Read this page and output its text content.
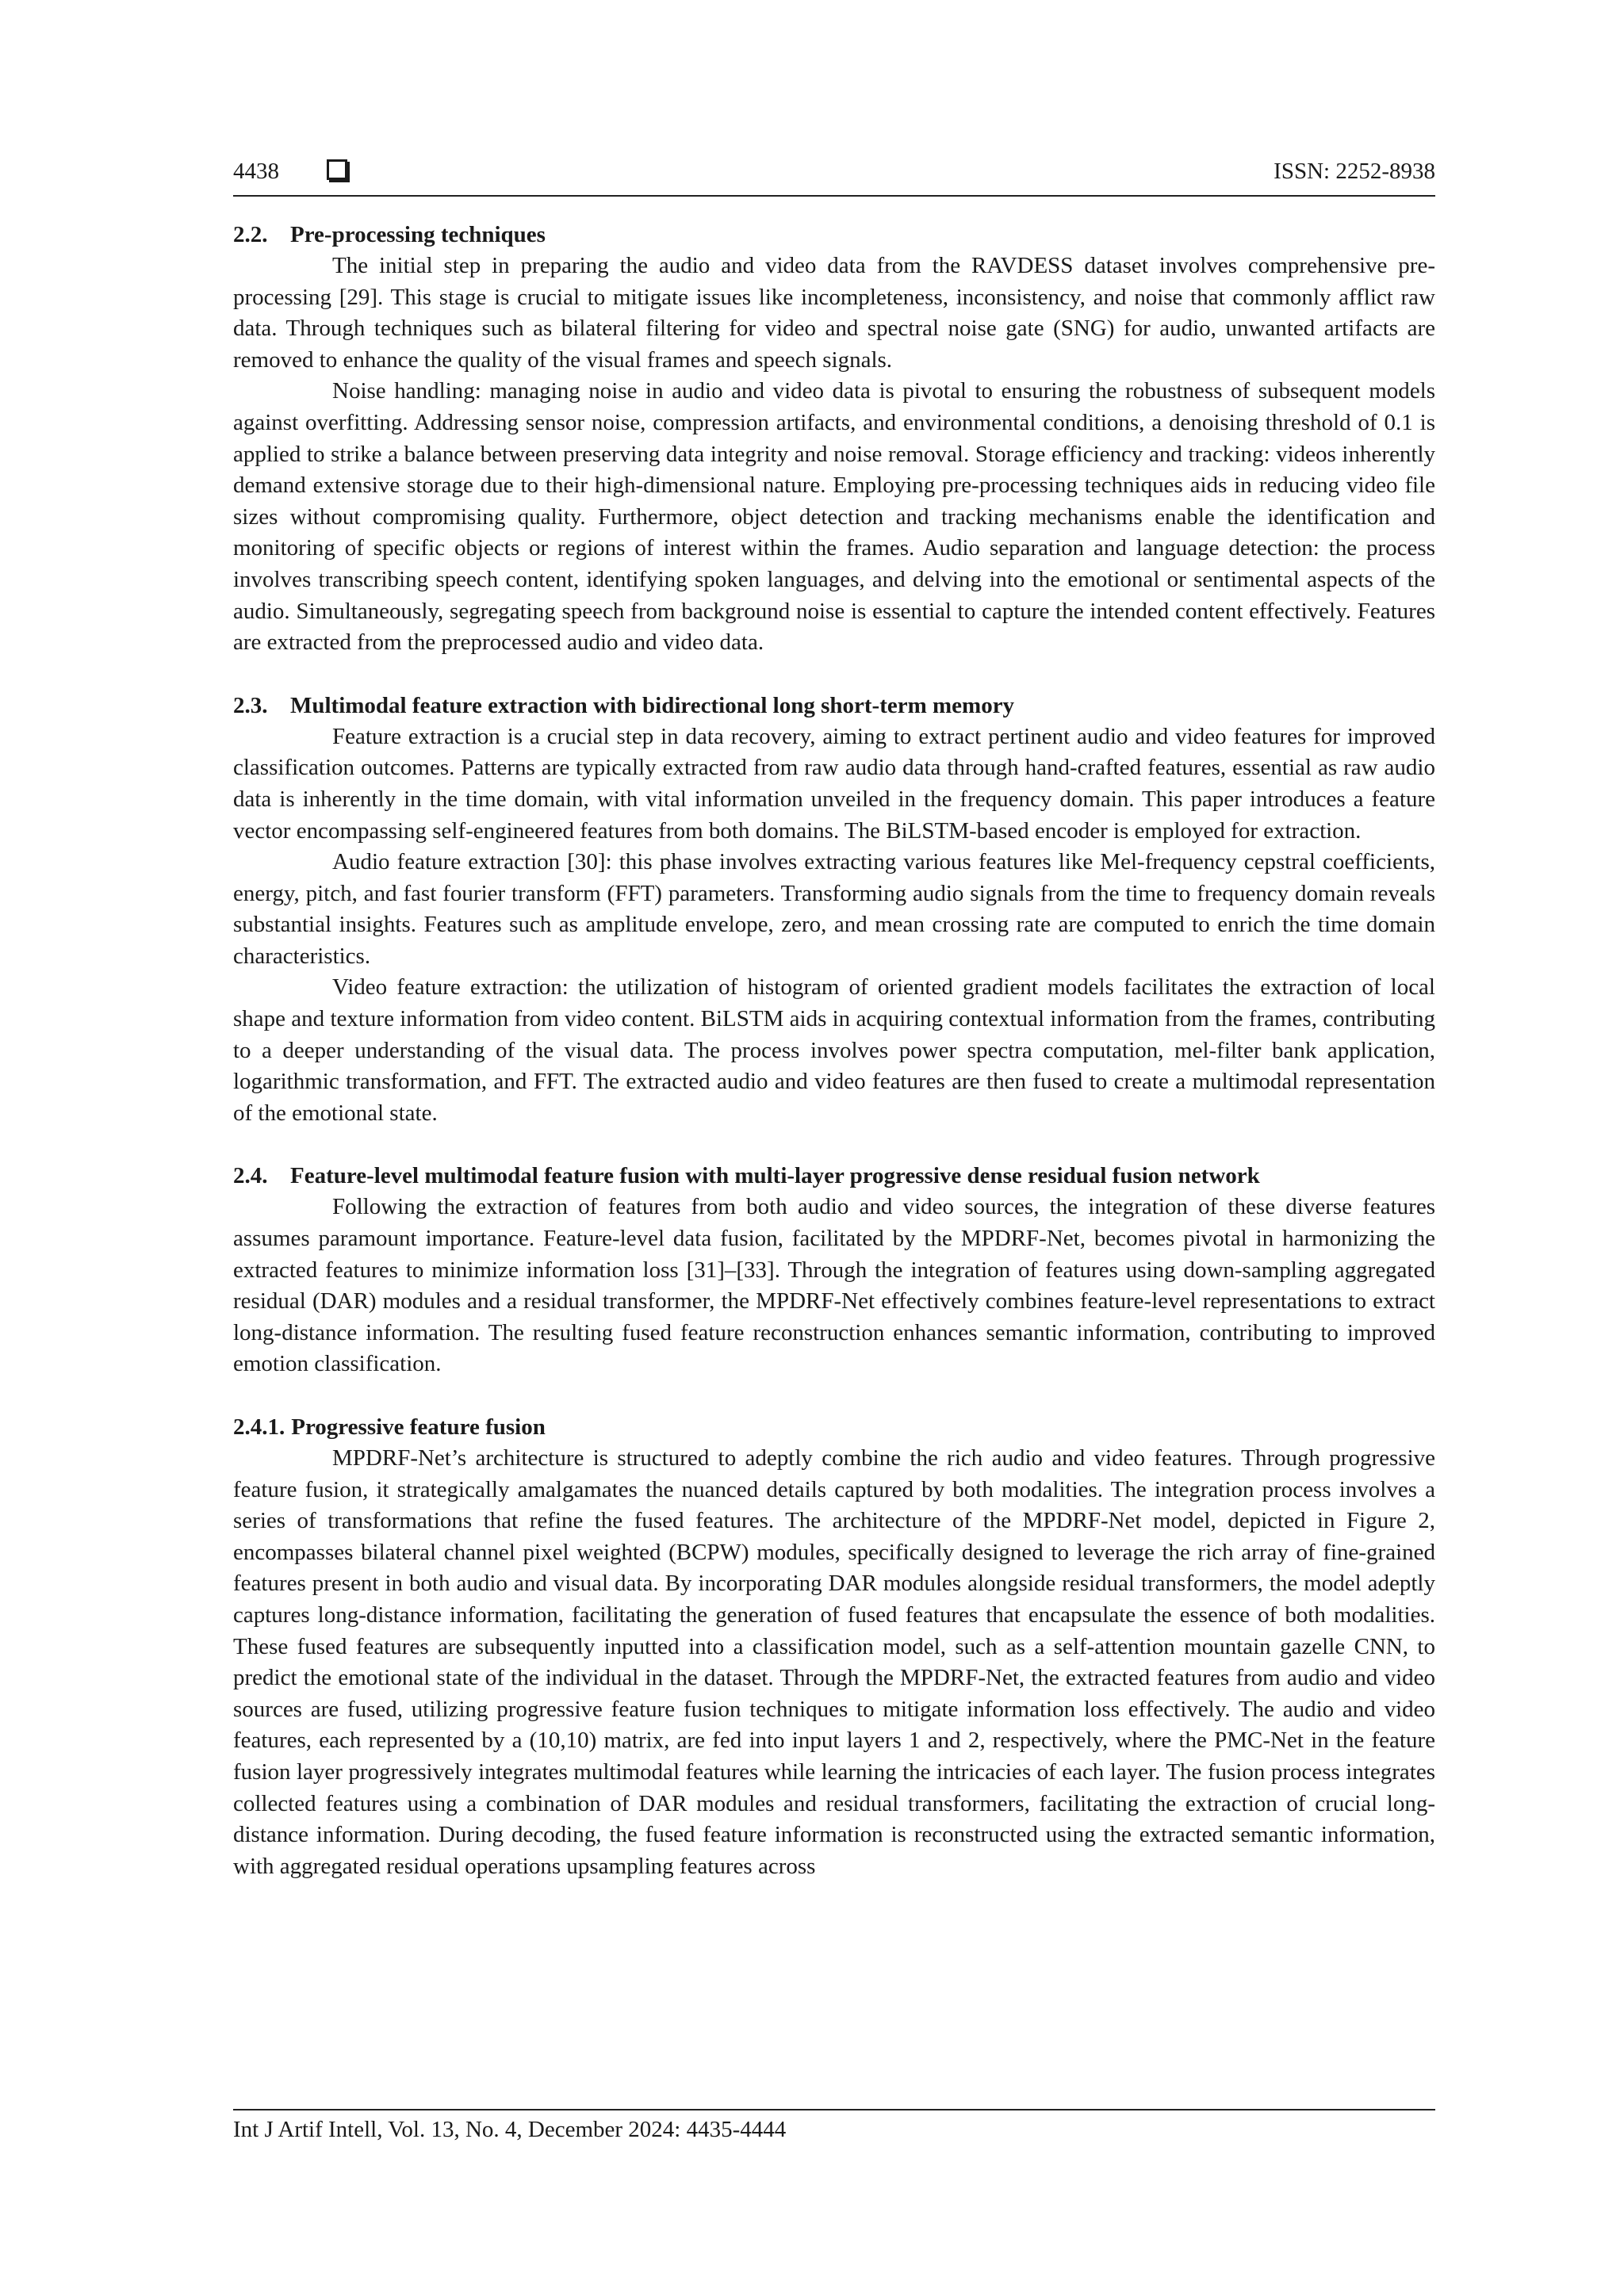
4438	ISSN: 2252-8938
2.2. Pre-processing techniques

The initial step in preparing the audio and video data from the RAVDESS dataset involves comprehensive pre-processing [29]. This stage is crucial to mitigate issues like incompleteness, inconsistency, and noise that commonly afflict raw data. Through techniques such as bilateral filtering for video and spectral noise gate (SNG) for audio, unwanted artifacts are removed to enhance the quality of the visual frames and speech signals.

Noise handling: managing noise in audio and video data is pivotal to ensuring the robustness of subsequent models against overfitting. Addressing sensor noise, compression artifacts, and environmental conditions, a denoising threshold of 0.1 is applied to strike a balance between preserving data integrity and noise removal. Storage efficiency and tracking: videos inherently demand extensive storage due to their high-dimensional nature. Employing pre-processing techniques aids in reducing video file sizes without compromising quality. Furthermore, object detection and tracking mechanisms enable the identification and monitoring of specific objects or regions of interest within the frames. Audio separation and language detection: the process involves transcribing speech content, identifying spoken languages, and delving into the emotional or sentimental aspects of the audio. Simultaneously, segregating speech from background noise is essential to capture the intended content effectively. Features are extracted from the preprocessed audio and video data.

2.3. Multimodal feature extraction with bidirectional long short-term memory

Feature extraction is a crucial step in data recovery, aiming to extract pertinent audio and video features for improved classification outcomes. Patterns are typically extracted from raw audio data through hand-crafted features, essential as raw audio data is inherently in the time domain, with vital information unveiled in the frequency domain. This paper introduces a feature vector encompassing self-engineered features from both domains. The BiLSTM-based encoder is employed for extraction.

Audio feature extraction [30]: this phase involves extracting various features like Mel-frequency cepstral coefficients, energy, pitch, and fast fourier transform (FFT) parameters. Transforming audio signals from the time to frequency domain reveals substantial insights. Features such as amplitude envelope, zero, and mean crossing rate are computed to enrich the time domain characteristics.

Video feature extraction: the utilization of histogram of oriented gradient models facilitates the extraction of local shape and texture information from video content. BiLSTM aids in acquiring contextual information from the frames, contributing to a deeper understanding of the visual data. The process involves power spectra computation, mel-filter bank application, logarithmic transformation, and FFT. The extracted audio and video features are then fused to create a multimodal representation of the emotional state.

2.4. Feature-level multimodal feature fusion with multi-layer progressive dense residual fusion network

Following the extraction of features from both audio and video sources, the integration of these diverse features assumes paramount importance. Feature-level data fusion, facilitated by the MPDRF-Net, becomes pivotal in harmonizing the extracted features to minimize information loss [31]–[33]. Through the integration of features using down-sampling aggregated residual (DAR) modules and a residual transformer, the MPDRF-Net effectively combines feature-level representations to extract long-distance information. The resulting fused feature reconstruction enhances semantic information, contributing to improved emotion classification.

2.4.1. Progressive feature fusion

MPDRF-Net’s architecture is structured to adeptly combine the rich audio and video features. Through progressive feature fusion, it strategically amalgamates the nuanced details captured by both modalities. The integration process involves a series of transformations that refine the fused features. The architecture of the MPDRF-Net model, depicted in Figure 2, encompasses bilateral channel pixel weighted (BCPW) modules, specifically designed to leverage the rich array of fine-grained features present in both audio and visual data. By incorporating DAR modules alongside residual transformers, the model adeptly captures long-distance information, facilitating the generation of fused features that encapsulate the essence of both modalities. These fused features are subsequently inputted into a classification model, such as a self-attention mountain gazelle CNN, to predict the emotional state of the individual in the dataset. Through the MPDRF-Net, the extracted features from audio and video sources are fused, utilizing progressive feature fusion techniques to mitigate information loss effectively. The audio and video features, each represented by a (10,10) matrix, are fed into input layers 1 and 2, respectively, where the PMC-Net in the feature fusion layer progressively integrates multimodal features while learning the intricacies of each layer. The fusion process integrates collected features using a combination of DAR modules and residual transformers, facilitating the extraction of crucial long-distance information. During decoding, the fused feature information is reconstructed using the extracted semantic information, with aggregated residual operations upsampling features across

Int J Artif Intell, Vol. 13, No. 4, December 2024: 4435-4444
